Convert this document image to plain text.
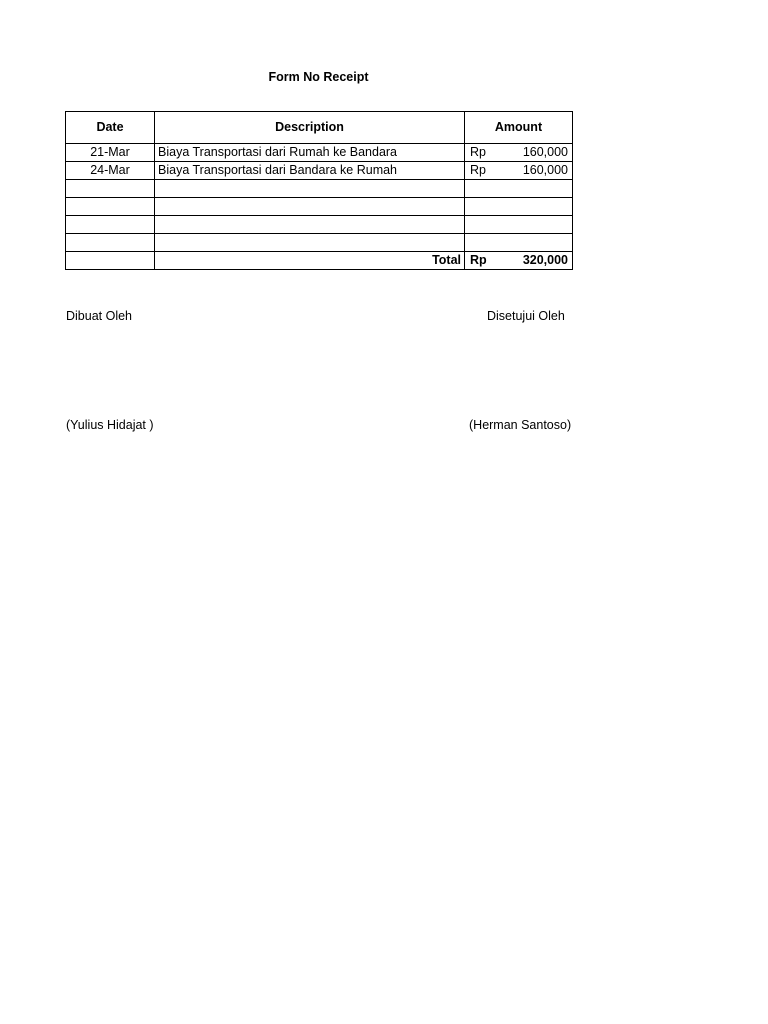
Form No Receipt
Date	Description	Amount
21-Mar	Biaya Transportasi dari Rumah ke Bandara	Rp 160,000

24-Mar	Biaya Transportasi dari Bandara ke Rumah	Rp 160,000

	Total	Rp 320,000
Dibuat Oleh	Disetujui Oleh
(Yulius Hidajat )	(Herman Santoso)
